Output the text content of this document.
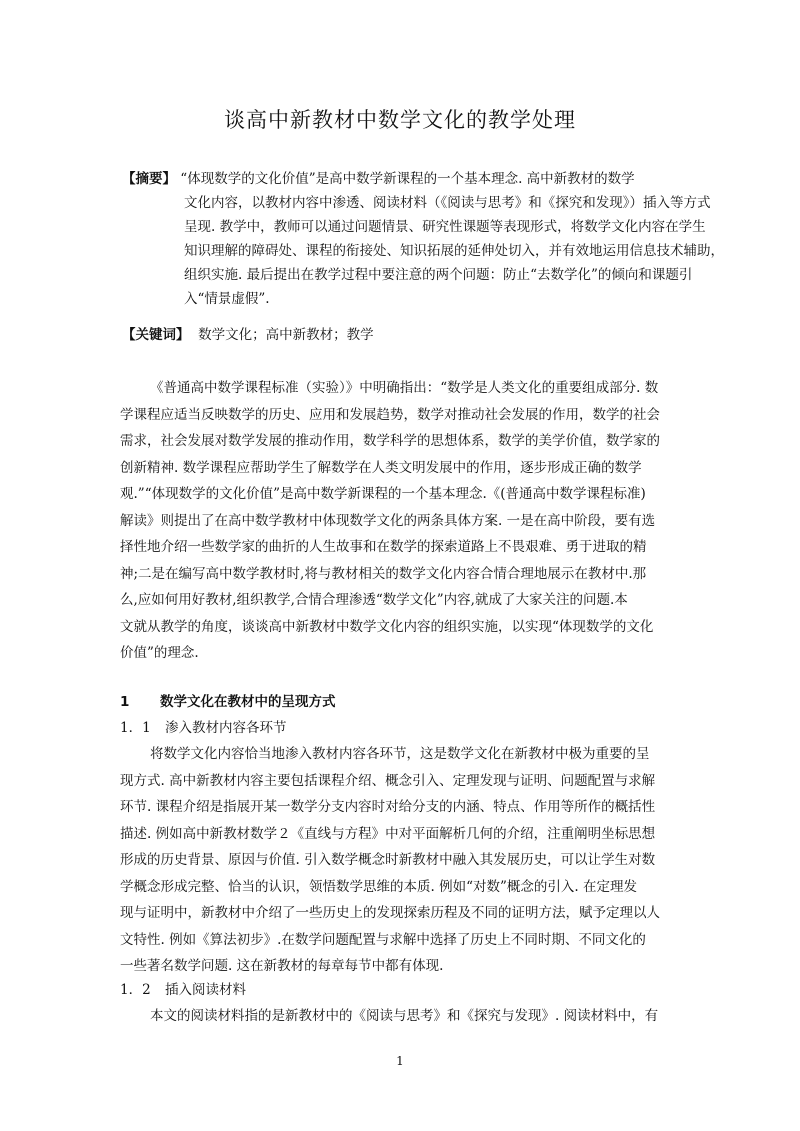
谈高中新教材中数学文化的教学处理
【摘要】 “体现数学的文化价值”是高中数学新课程的一个基本理念. 高中新教材的数学
文化内容，以教材内容中渗透、阅读材料（《阅读与思考》和《探究和发现》）插入等方式
呈现. 教学中，教师可以通过问题情景、研究性课题等表现形式，将数学文化内容在学生
知识理解的障碍处、课程的衔接处、知识拓展的延伸处切入，并有效地运用信息技术辅助，
组织实施. 最后提出在教学过程中要注意的两个问题：防止“去数学化”的倾向和课题引
入“情景虚假”.
【关键词】 数学文化；高中新教材；教学
《普通高中数学课程标准（实验）》中明确指出：“数学是人类文化的重要组成部分. 数
学课程应适当反映数学的历史、应用和发展趋势，数学对推动社会发展的作用，数学的社会
需求，社会发展对数学发展的推动作用，数学科学的思想体系，数学的美学价值，数学家的
创新精神. 数学课程应帮助学生了解数学在人类文明发展中的作用，逐步形成正确的数学
观.”“体现数学的文化价值”是高中数学新课程的一个基本理念.《(普通高中数学课程标准)
解读》则提出了在高中数学教材中体现数学文化的两条具体方案. 一是在高中阶段，要有选
择性地介绍一些数学家的曲折的人生故事和在数学的探索道路上不畏艰难、勇于进取的精
神;二是在编写高中数学教材时,将与教材相关的数学文化内容合情合理地展示在教材中.那
么,应如何用好教材,组织教学,合情合理渗透“数学文化”内容,就成了大家关注的问题.本
文就从教学的角度，谈谈高中新教材中数学文化内容的组织实施，以实现“体现数学的文化
价值”的理念.
1 数学文化在教材中的呈现方式
1．1 渗入教材内容各环节
将数学文化内容恰当地渗入教材内容各环节，这是数学文化在新教材中极为重要的呈
现方式. 高中新教材内容主要包括课程介绍、概念引入、定理发现与证明、问题配置与求解
环节. 课程介绍是指展开某一数学分支内容时对给分支的内涵、特点、作用等所作的概括性
描述. 例如高中新教材数学２《直线与方程》中对平面解析几何的介绍，注重阐明坐标思想
形成的历史背景、原因与价值. 引入数学概念时新教材中融入其发展历史，可以让学生对数
学概念形成完整、恰当的认识，领悟数学思维的本质. 例如“对数”概念的引入. 在定理发
现与证明中，新教材中介绍了一些历史上的发现探索历程及不同的证明方法，赋予定理以人
文特性. 例如《算法初步》.在数学问题配置与求解中选择了历史上不同时期、不同文化的
一些著名数学问题. 这在新教材的每章每节中都有体现.
1．2 插入阅读材料
本文的阅读材料指的是新教材中的《阅读与思考》和《探究与发现》. 阅读材料中，有
1
